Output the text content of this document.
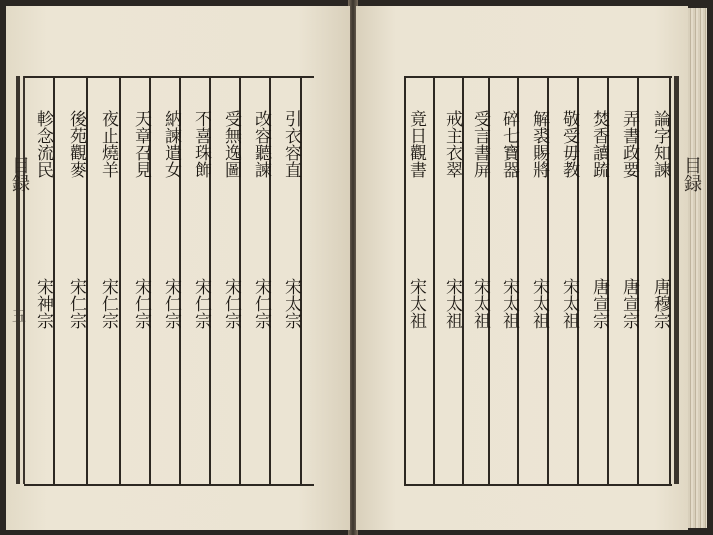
目録
五
引衣容直
宋太宗
改容聽諫
宋仁宗
受無逸圖
宋仁宗
不喜珠飾
宋仁宗
納諫遣女
宋仁宗
天章召見
宋仁宗
夜止燒羊
宋仁宗
後苑觀麥
宋仁宗
軫念流民
宋神宗
目録
論字知諫
唐穆宗
弄書政要
唐宣宗
焚香讀䟽
唐宣宗
敬受毋教
宋太祖
解裘賜將
宋太祖
碎七寶器
宋太祖
受言書屏
宋太祖
戒主衣翠
宋太祖
竟日觀書
宋太祖
